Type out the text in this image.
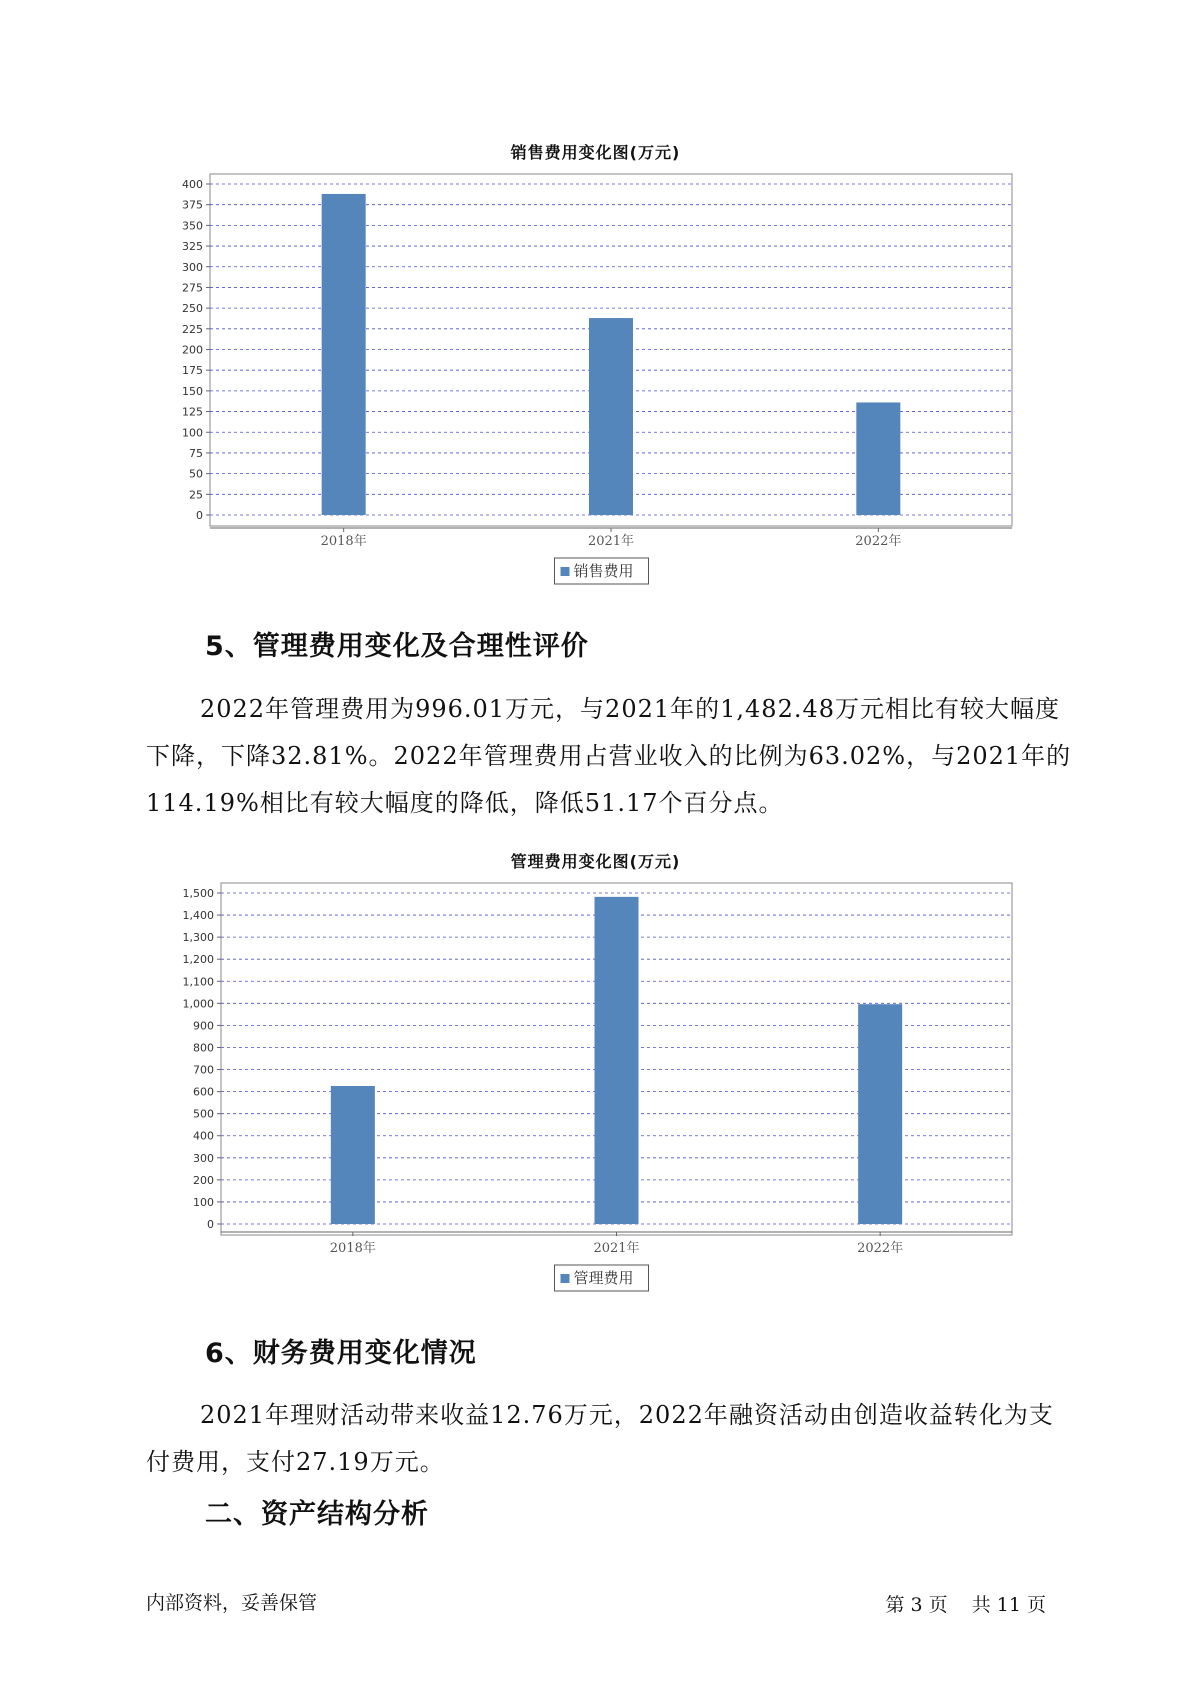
销售费用变化图(万元)
0
25
50
75
100
125
150
175
200
225
250
275
300
325
350
375
400
2018年	2021年	2022年
销售费用
5、管理费用变化及合理性评价
2022年管理费用为996.01万元，与2021年的1,482.48万元相比有较大幅度下降，下降32.81%。2022年管理费用占营业收入的比例为63.02%，与2021年的114.19%相比有较大幅度的降低，降低51.17个百分点。
管理费用变化图(万元)
0
100
200
300
400
500
600
700
800
900
1,000
1,100
1,200
1,300
1,400
1,500
2018年	2021年	2022年
管理费用
6、财务费用变化情况
2021年理财活动带来收益12.76万元，2022年融资活动由创造收益转化为支付费用，支付27.19万元。
二、资产结构分析
内部资料，妥善保管	第 3 页 共 11 页
